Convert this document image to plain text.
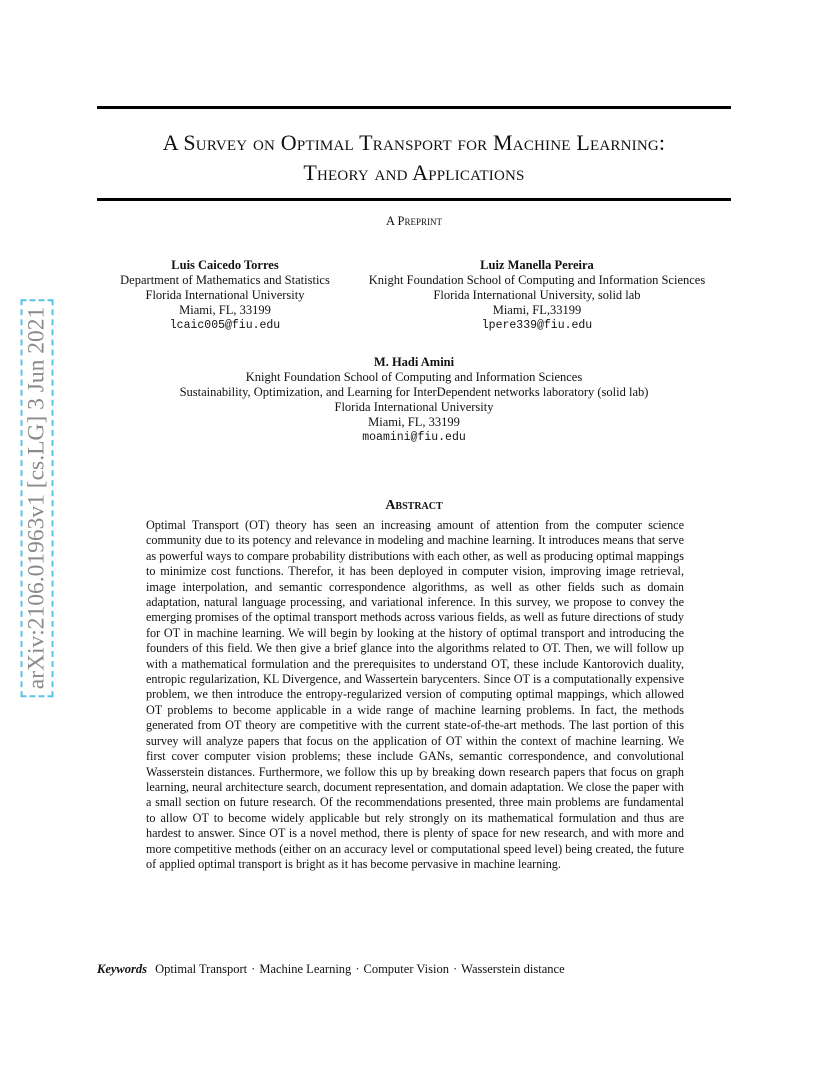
arXiv:2106.01963v1 [cs.LG] 3 Jun 2021
A Survey on Optimal Transport for Machine Learning:
Theory and Applications
A Preprint
Luis Caicedo Torres
Department of Mathematics and Statistics
Florida International University
Miami, FL, 33199
lcaic005@fiu.edu
Luiz Manella Pereira
Knight Foundation School of Computing and Information Sciences
Florida International University, solid lab
Miami, FL,33199
lpere339@fiu.edu
M. Hadi Amini
Knight Foundation School of Computing and Information Sciences
Sustainability, Optimization, and Learning for InterDependent networks laboratory (solid lab)
Florida International University
Miami, FL, 33199
moamini@fiu.edu
Abstract
Optimal Transport (OT) theory has seen an increasing amount of attention from the computer science community due to its potency and relevance in modeling and machine learning. It introduces means that serve as powerful ways to compare probability distributions with each other, as well as producing optimal mappings to minimize cost functions. Therefor, it has been deployed in computer vision, improving image retrieval, image interpolation, and semantic correspondence algorithms, as well as other fields such as domain adaptation, natural language processing, and variational inference. In this survey, we propose to convey the emerging promises of the optimal transport methods across various fields, as well as future directions of study for OT in machine learning. We will begin by looking at the history of optimal transport and introducing the founders of this field. We then give a brief glance into the algorithms related to OT. Then, we will follow up with a mathematical formulation and the prerequisites to understand OT, these include Kantorovich duality, entropic regularization, KL Divergence, and Wassertein barycenters. Since OT is a computationally expensive problem, we then introduce the entropy-regularized version of computing optimal mappings, which allowed OT problems to become applicable in a wide range of machine learning problems. In fact, the methods generated from OT theory are competitive with the current state-of-the-art methods. The last portion of this survey will analyze papers that focus on the application of OT within the context of machine learning. We first cover computer vision problems; these include GANs, semantic correspondence, and convolutional Wasserstein distances. Furthermore, we follow this up by breaking down research papers that focus on graph learning, neural architecture search, document representation, and domain adaptation. We close the paper with a small section on future research. Of the recommendations presented, three main problems are fundamental to allow OT to become widely applicable but rely strongly on its mathematical formulation and thus are hardest to answer. Since OT is a novel method, there is plenty of space for new research, and with more and more competitive methods (either on an accuracy level or computational speed level) being created, the future of applied optimal transport is bright as it has become pervasive in machine learning.
Keywords Optimal Transport · Machine Learning · Computer Vision · Wasserstein distance
